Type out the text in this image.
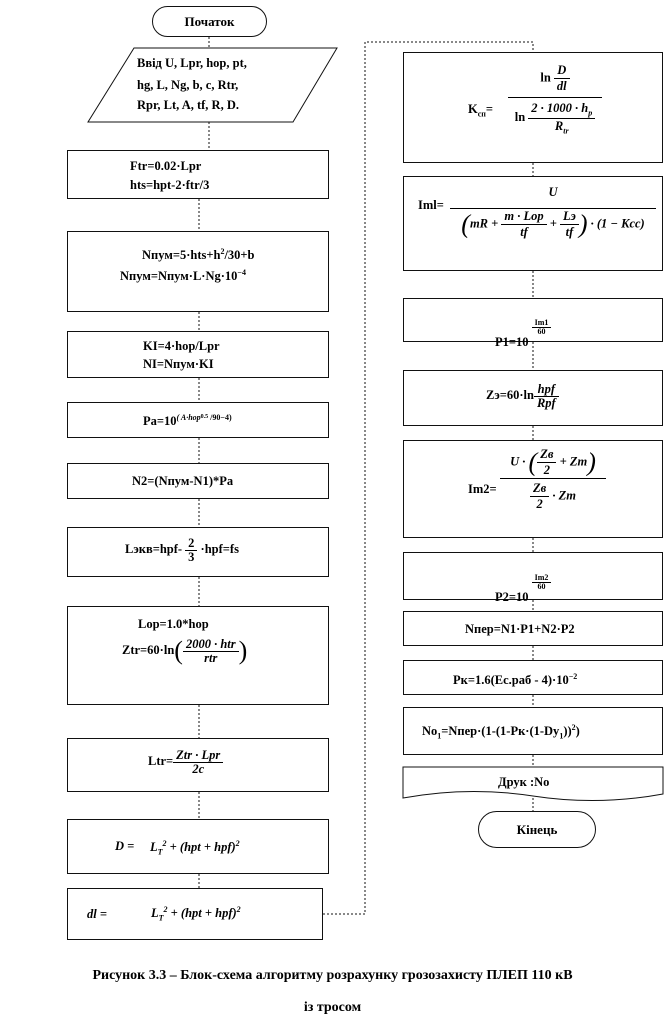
Початок
Ввід U, Lpr, hop, pt,
hg, L, Ng, b, c, Rtr,
Rpr, Lt, A, tf, R, D.
Ftr=0.02·Lpr
hts=hpt-2·ftr/3
$Nпум=5\cdot hts+h^2/30+b$
$Nпум=Nпум\cdot L\cdot Ng\cdot 10^{-4}$
KI=4·hop/Lpr
NI=Nпум·KI
$Pa=10^{( A\cdot hop0.5}$ $^{/90-4)}$
N2=(Nпум-N1)*Pa
Lэкв=hpf- $\frac{2}{3} \cdot hpf=fs$
Lop=1.0*hop
$Ztr=60\cdot\ln( \frac{\text{2000 · htr}}{\text{rtr}}$ )
$Ltr= \frac{\text{Ztr · Lpr}}{2c}$
$D = L_T^2 + (hpt + hpf)^2$
dl =	$L_T^2 + (hpt + hpf)^2$
$K_{сп}=$
$\ln \frac{D}{dl}$
$\ln \frac{2 \cdot 1000 \cdot h_p}{R_{tr}}$
Iml=
U
($mR + \frac{\text{m · Lop}}{tf} + \frac{Lэ}{tf}$ ) · (1 − Kcc)
P1=10
$\frac{Im1}{60}$
$Zэ=60\cdot\ln \frac{\text{hpf}}{\text{Rpf}}$
Im2=
U · ( $\frac{Zв}{2} + Zm$)
$\frac{Zв}{2} \cdot Zm$
P2=10
$\frac{Im2}{60}$
Nпер=N1·P1+N2·P2
$Pк=1.6(Ec.раб - 4)\cdot 10^{-2}$
$No_1=Nпер\cdot(1-(1-Pк\cdot(1-Dy_1))^2)$
Друк :No
Кінець
Рисунок 3.3 – Блок-схема алгоритму розрахунку грозозахисту ПЛЕП 110 кВ
із тросом
